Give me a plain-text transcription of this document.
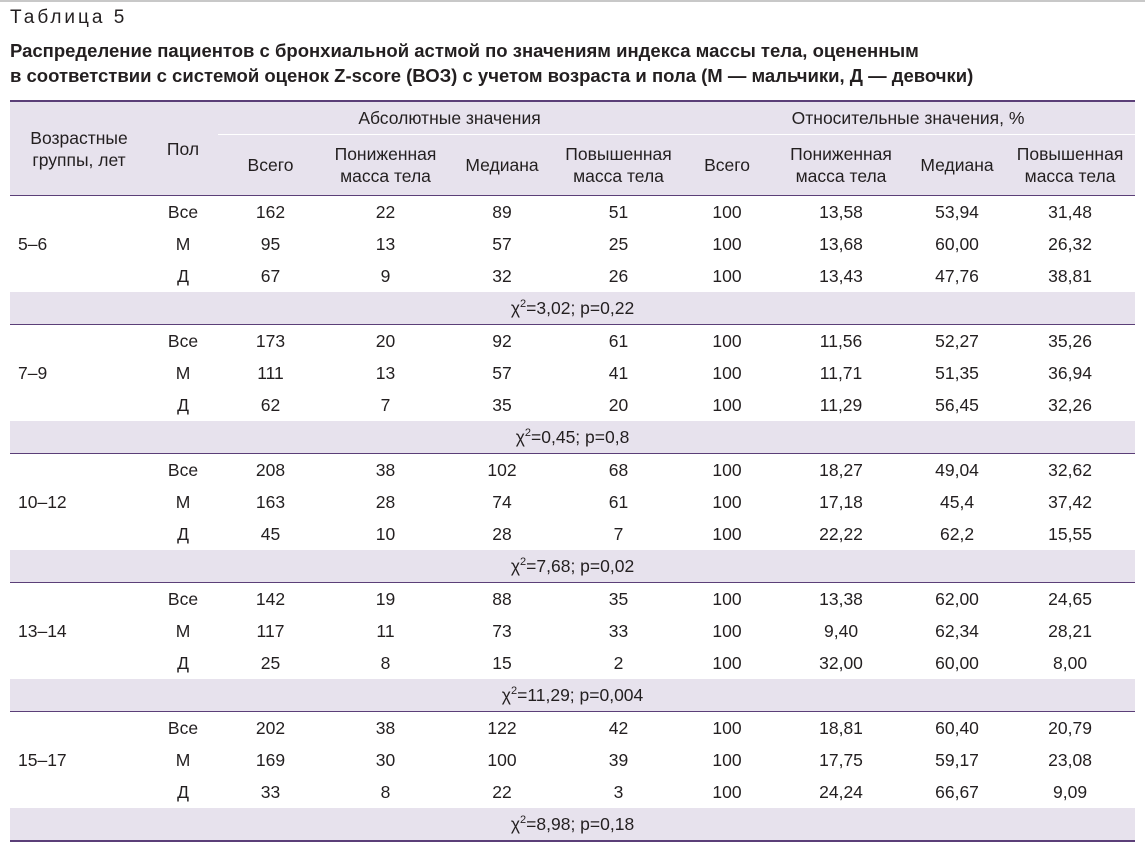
Таблица 5
Распределение пациентов с бронхиальной астмой по значениям индекса массы тела, оцененным
в соответствии с системой оценок Z-score (ВОЗ) с учетом возраста и пола (М — мальчики, Д — девочки)
Возрастные группы, лет	Пол	Абсолютные значения				Относительные значения, %			
		Всего	Пониженная масса тела	Медиана	Повышенная масса тела	Всего	Пониженная масса тела	Медиана	Повышенная масса тела
5–6	Все	162	22	89	51	100	13,58	53,94	31,48
	М	95	13	57	25	100	13,68	60,00	26,32
	Д	67	9	32	26	100	13,43	47,76	38,81
$\chi^2=3,02$; p=0,22									
7–9	Все	173	20	92	61	100	11,56	52,27	35,26
	М	111	13	57	41	100	11,71	51,35	36,94
	Д	62	7	35	20	100	11,29	56,45	32,26
$\chi^2=0,45$; p=0,8									
10–12	Все	208	38	102	68	100	18,27	49,04	32,62
	М	163	28	74	61	100	17,18	45,4	37,42
	Д	45	10	28	7	100	22,22	62,2	15,55
$\chi^2=7,68$; p=0,02									
13–14	Все	142	19	88	35	100	13,38	62,00	24,65
	М	117	11	73	33	100	9,40	62,34	28,21
	Д	25	8	15	2	100	32,00	60,00	8,00
$\chi^2=11,29$; p=0,004									
15–17	Все	202	38	122	42	100	18,81	60,40	20,79
	М	169	30	100	39	100	17,75	59,17	23,08
	Д	33	8	22	3	100	24,24	66,67	9,09
$\chi^2=8,98$; p=0,18									
